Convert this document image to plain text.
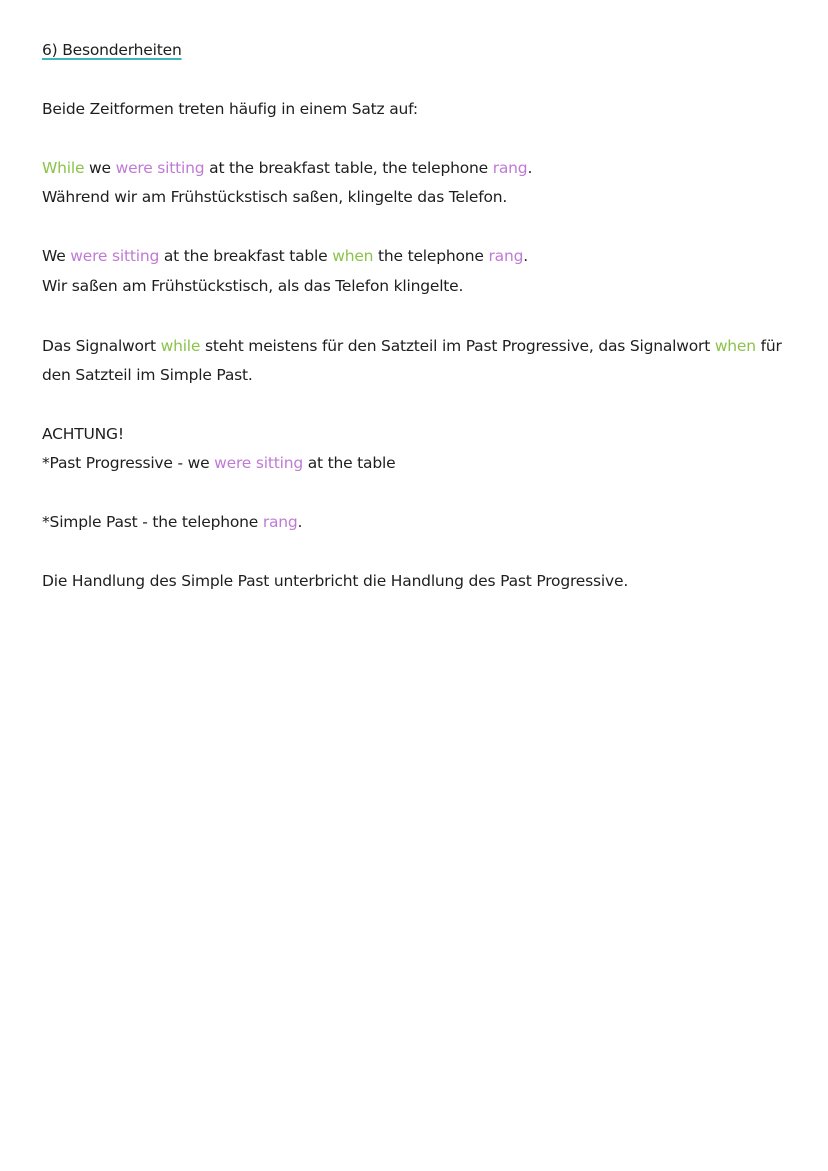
6) Besonderheiten
Beide Zeitformen treten häufig in einem Satz auf:
While we were sitting at the breakfast table, the telephone rang.
Während wir am Frühstückstisch saßen, klingelte das Telefon.
We were sitting at the breakfast table when the telephone rang.
Wir saßen am Frühstückstisch, als das Telefon klingelte.
Das Signalwort while steht meistens für den Satzteil im Past Progressive, das Signalwort when für
den Satzteil im Simple Past.
ACHTUNG!
*Past Progressive - we were sitting at the table
*Simple Past - the telephone rang.
Die Handlung des Simple Past unterbricht die Handlung des Past Progressive.
